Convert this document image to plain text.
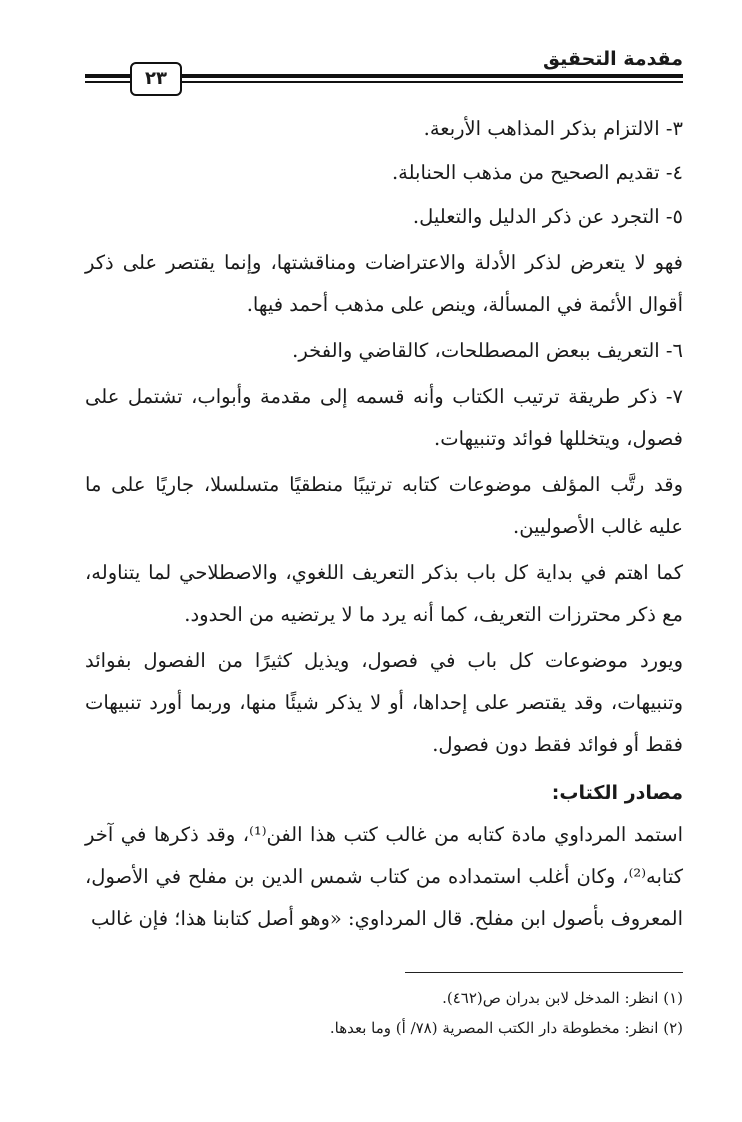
مقدمة التحقيق
٢٣

٣- الالتزام بذكر المذاهب الأربعة.

٤- تقديم الصحيح من مذهب الحنابلة.

٥- التجرد عن ذكر الدليل والتعليل.

فهو لا يتعرض لذكر الأدلة والاعتراضات ومناقشتها، وإنما يقتصر على ذكر أقوال الأئمة في المسألة، وينص على مذهب أحمد فيها.

٦- التعريف ببعض المصطلحات، كالقاضي والفخر.

٧- ذكر طريقة ترتيب الكتاب وأنه قسمه إلى مقدمة وأبواب، تشتمل على فصول، ويتخللها فوائد وتنبيهات.

وقد رتَّب المؤلف موضوعات كتابه ترتيبًا منطقيًا متسلسلا، جاريًا على ما عليه غالب الأصوليين.

كما اهتم في بداية كل باب بذكر التعريف اللغوي، والاصطلاحي لما يتناوله، مع ذكر محترزات التعريف، كما أنه يرد ما لا يرتضيه من الحدود.

ويورد موضوعات كل باب في فصول، ويذيل كثيرًا من الفصول بفوائد وتنبيهات، وقد يقتصر على إحداها، أو لا يذكر شيئًا منها، وربما أورد تنبيهات فقط أو فوائد فقط دون فصول.

مصادر الكتاب:

استمد المرداوي مادة كتابه من غالب كتب هذا الفن⁽¹⁾، وقد ذكرها في آخر كتابه⁽²⁾، وكان أغلب استمداده من كتاب شمس الدين بن مفلح في الأصول، المعروف بأصول ابن مفلح. قال المرداوي: «وهو أصل كتابنا هذا؛ فإن غالب

(١) انظر: المدخل لابن بدران ص(٤٦٢).

(٢) انظر: مخطوطة دار الكتب المصرية (٧٨/ أ) وما بعدها.
